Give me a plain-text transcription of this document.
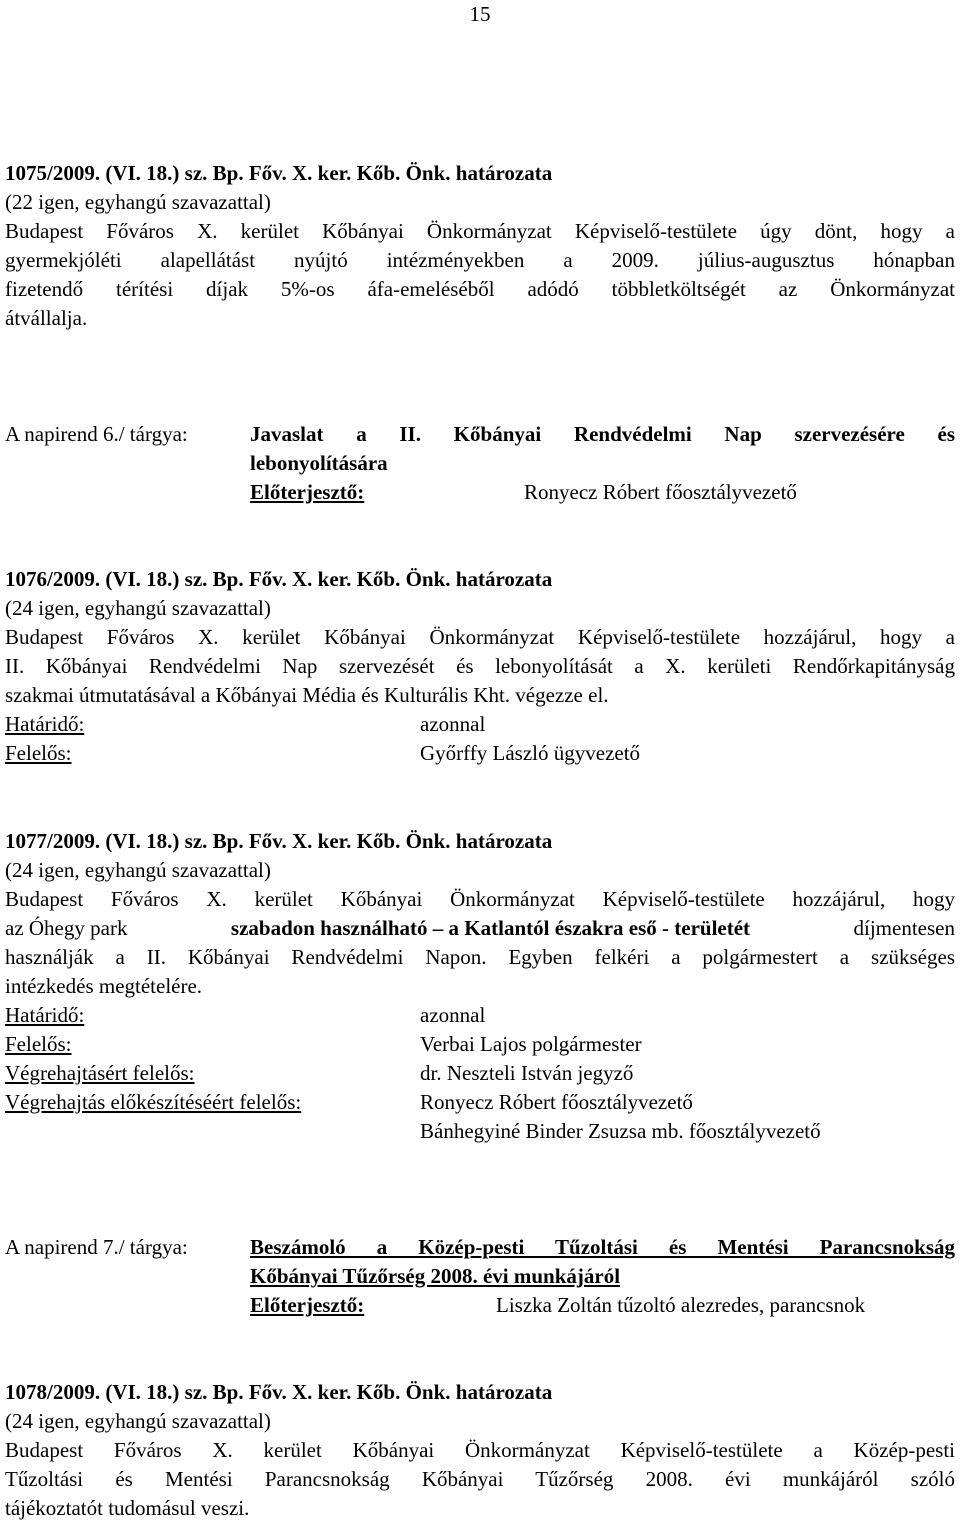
15
1075/2009. (VI. 18.) sz. Bp. Főv. X. ker. Kőb. Önk. határozata
(22 igen, egyhangú szavazattal)
Budapest Főváros X. kerület Kőbányai Önkormányzat Képviselő-testülete úgy dönt, hogy a
gyermekjóléti alapellátást nyújtó intézményekben a 2009. július-augusztus hónapban
fizetendő térítési díjak 5%-os áfa-emeléséből adódó többletköltségét az Önkormányzat
átvállalja.
A napirend 6./ tárgya:	Javaslat a II. Kőbányai Rendvédelmi Nap szervezésére és
lebonyolítására
Előterjesztő:	Ronyecz Róbert főosztályvezető
1076/2009. (VI. 18.) sz. Bp. Főv. X. ker. Kőb. Önk. határozata
(24 igen, egyhangú szavazattal)
Budapest Főváros X. kerület Kőbányai Önkormányzat Képviselő-testülete hozzájárul, hogy a
II. Kőbányai Rendvédelmi Nap szervezését és lebonyolítását a X. kerületi Rendőrkapitányság
szakmai útmutatásával a Kőbányai Média és Kulturális Kht. végezze el.
Határidő:	azonnal
Felelős:	Győrffy László ügyvezető
1077/2009. (VI. 18.) sz. Bp. Főv. X. ker. Kőb. Önk. határozata
(24 igen, egyhangú szavazattal)
Budapest Főváros X. kerület Kőbányai Önkormányzat Képviselő-testülete hozzájárul, hogy
az Óhegy park	szabadon használható – a Katlantól északra eső - területét	díjmentesen
használják a II. Kőbányai Rendvédelmi Napon. Egyben felkéri a polgármestert a szükséges
intézkedés megtételére.
Határidő:	azonnal
Felelős:	Verbai Lajos polgármester
Végrehajtásért felelős:	dr. Neszteli István jegyző
Végrehajtás előkészítéséért felelős:	Ronyecz Róbert főosztályvezető
Bánhegyiné Binder Zsuzsa mb. főosztályvezető
A napirend 7./ tárgya:	Beszámoló a Közép-pesti Tűzoltási és Mentési Parancsnokság
Kőbányai Tűzőrség 2008. évi munkájáról
Előterjesztő:	Liszka Zoltán tűzoltó alezredes, parancsnok
1078/2009. (VI. 18.) sz. Bp. Főv. X. ker. Kőb. Önk. határozata
(24 igen, egyhangú szavazattal)
Budapest Főváros X. kerület Kőbányai Önkormányzat Képviselő-testülete a Közép-pesti
Tűzoltási és Mentési Parancsnokság Kőbányai Tűzőrség 2008. évi munkájáról szóló
tájékoztatót tudomásul veszi.
